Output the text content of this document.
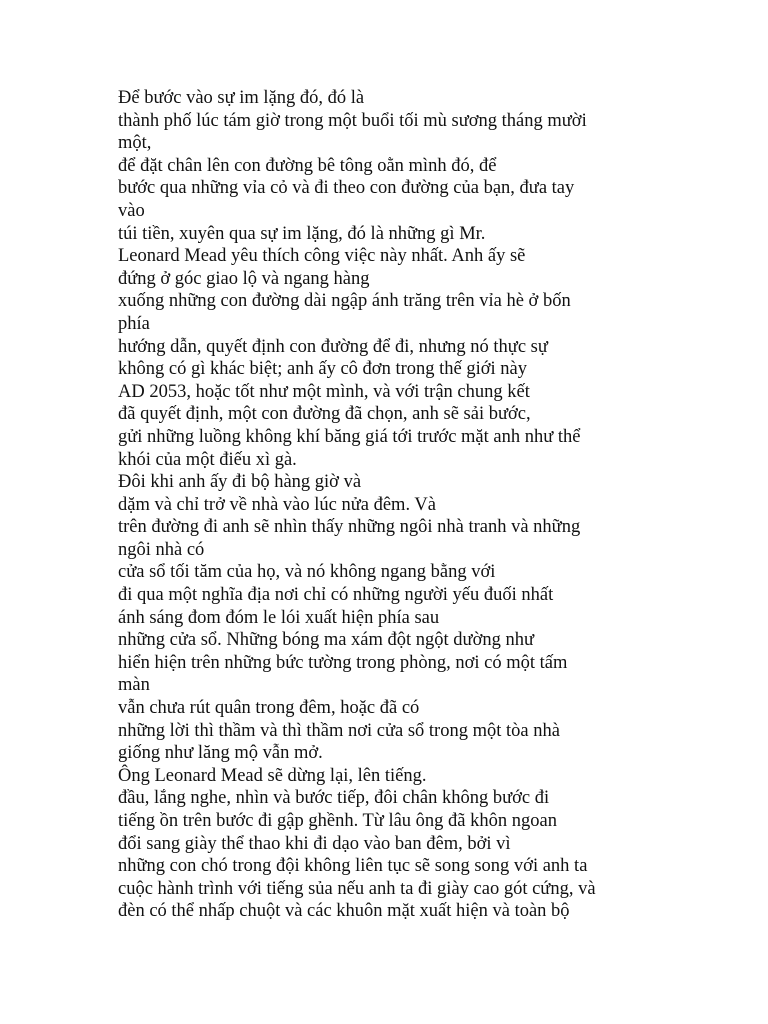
Để bước vào sự im lặng đó, đó là
thành phố lúc tám giờ trong một buổi tối mù sương tháng mười
một,
để đặt chân lên con đường bê tông oằn mình đó, để
bước qua những vỉa cỏ và đi theo con đường của bạn, đưa tay
vào
túi tiền, xuyên qua sự im lặng, đó là những gì Mr.
Leonard Mead yêu thích công việc này nhất. Anh ấy sẽ
đứng ở góc giao lộ và ngang hàng
xuống những con đường dài ngập ánh trăng trên vỉa hè ở bốn
phía
hướng dẫn, quyết định con đường để đi, nhưng nó thực sự
không có gì khác biệt; anh ấy cô đơn trong thế giới này
AD 2053, hoặc tốt như một mình, và với trận chung kết
đã quyết định, một con đường đã chọn, anh sẽ sải bước,
gửi những luồng không khí băng giá tới trước mặt anh như thể
khói của một điếu xì gà.
Đôi khi anh ấy đi bộ hàng giờ và
dặm và chỉ trở về nhà vào lúc nửa đêm. Và
trên đường đi anh sẽ nhìn thấy những ngôi nhà tranh và những
ngôi nhà có
cửa sổ tối tăm của họ, và nó không ngang bằng với
đi qua một nghĩa địa nơi chỉ có những người yếu đuối nhất
ánh sáng đom đóm le lói xuất hiện phía sau
những cửa sổ. Những bóng ma xám đột ngột dường như
hiển hiện trên những bức tường trong phòng, nơi có một tấm
màn
vẫn chưa rút quân trong đêm, hoặc đã có
những lời thì thầm và thì thầm nơi cửa sổ trong một tòa nhà
giống như lăng mộ vẫn mở.
Ông Leonard Mead sẽ dừng lại, lên tiếng.
đầu, lắng nghe, nhìn và bước tiếp, đôi chân không bước đi
tiếng ồn trên bước đi gập ghềnh. Từ lâu ông đã khôn ngoan
đổi sang giày thể thao khi đi dạo vào ban đêm, bởi vì
những con chó trong đội không liên tục sẽ song song với anh ta
cuộc hành trình với tiếng sủa nếu anh ta đi giày cao gót cứng, và
đèn có thể nhấp chuột và các khuôn mặt xuất hiện và toàn bộ
